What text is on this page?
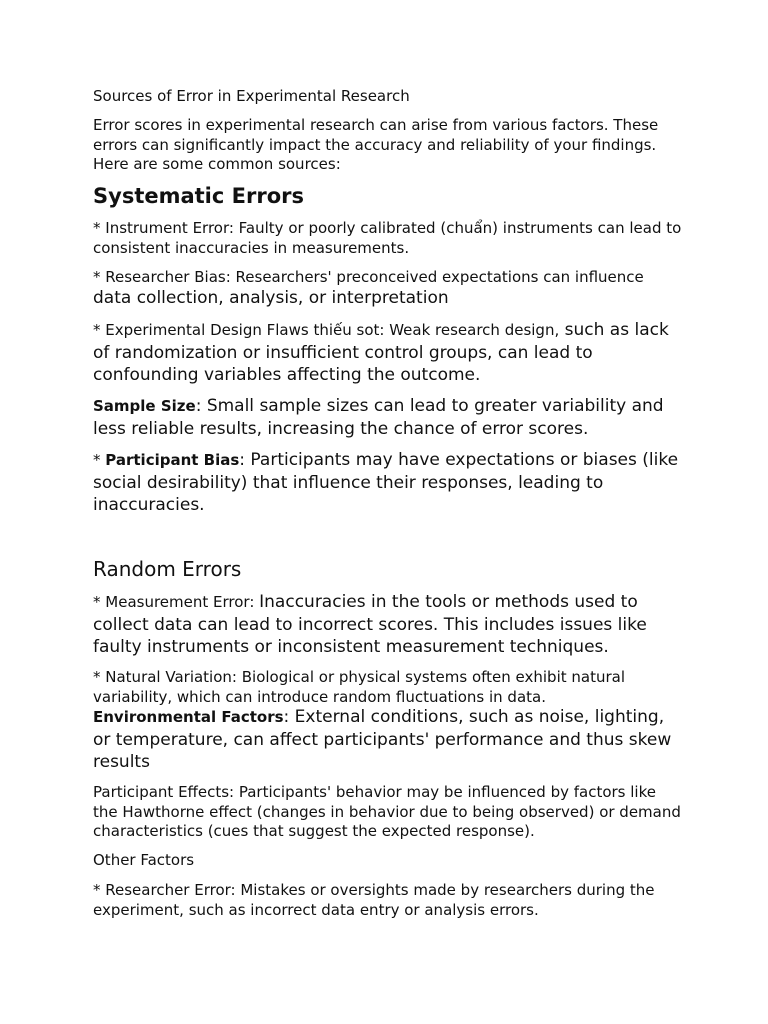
Sources of Error in Experimental Research

Error scores in experimental research can arise from various factors. These errors can significantly impact the accuracy and reliability of your findings. Here are some common sources:

Systematic Errors

* Instrument Error: Faulty or poorly calibrated (chuẩn) instruments can lead to consistent inaccuracies in measurements.

* Researcher Bias: Researchers' preconceived expectations can influence
data collection, analysis, or interpretation

* Experimental Design Flaws thiếu sot: Weak research design, such as lack of randomization or insufficient control groups, can lead to confounding variables affecting the outcome.

Sample Size: Small sample sizes can lead to greater variability and less reliable results, increasing the chance of error scores.

* Participant Bias: Participants may have expectations or biases (like social desirability) that influence their responses, leading to inaccuracies.

Random Errors

* Measurement Error: Inaccuracies in the tools or methods used to collect data can lead to incorrect scores. This includes issues like faulty instruments or inconsistent measurement techniques.

* Natural Variation: Biological or physical systems often exhibit natural variability, which can introduce random fluctuations in data.

Environmental Factors: External conditions, such as noise, lighting, or temperature, can affect participants' performance and thus skew results

Participant Effects: Participants' behavior may be influenced by factors like the Hawthorne effect (changes in behavior due to being observed) or demand characteristics (cues that suggest the expected response).

Other Factors

* Researcher Error: Mistakes or oversights made by researchers during the experiment, such as incorrect data entry or analysis errors.
